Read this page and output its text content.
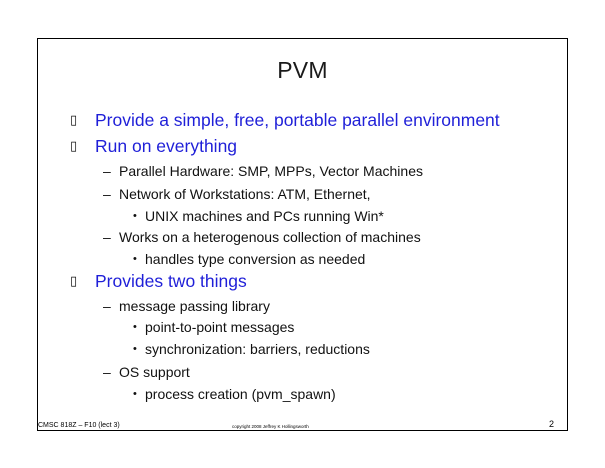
PVM
▯ Provide a simple, free, portable parallel environment
▯ Run on everything
– Parallel Hardware: SMP, MPPs, Vector Machines
– Network of Workstations: ATM, Ethernet,
• UNIX machines and PCs running Win*
– Works on a heterogenous collection of machines
• handles type conversion as needed
▯ Provides two things
– message passing library
• point-to-point messages
• synchronization: barriers, reductions
– OS support
• process creation (pvm_spawn)
CMSC 818Z – F10 (lect 3)	copyright 2008 Jeffrey K Hollingsworth	2
